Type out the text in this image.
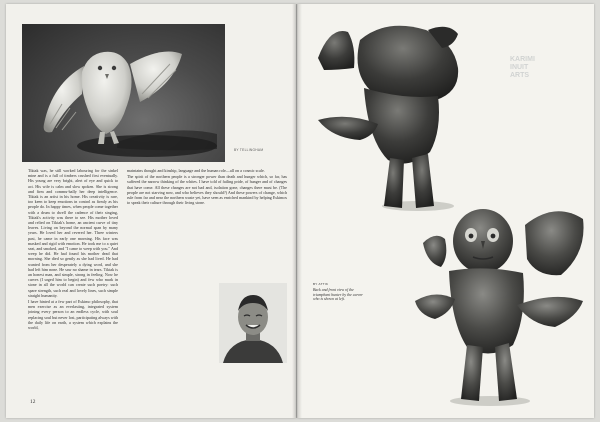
BY TELLINGHAM

Tiktak was, he still worked labouring for the sinkel mine and is a full of timbers crushed first eventually. His young are very bright, alert of eye and quick to act. His wife is calm and slow spoken. She is strong and firm and commu-bally her deep intelligence. Tiktak is an artist in his home. His creativity is rare, too keen to keep emotions in control as firmly as his people do. In happy times, when people come together with a drum to dwell the cadence of their singing, Tiktak's activity was there to see. His mother loved and relied on Tiktak's home, an ancient curve of tiny leaves. Living on beyond the normal span by many years. He loved her and revered her. Three winters past, he came in early one morning. His face was masked and rigid with emotion. He took me to a quiet seat, and smoked, and "I came to weep with you." And weep he did. He had found his mother dead that morning. She died so gently as she had lived. He had wanted from her desperately a dying word, and she had left him none. He saw no shame in tears. Tiktak is an honest man, and simple, strong in feeling. Now he carves (I urged him to begin) and few who mark in stone in all the world can create such poetry: such spare strength, such real and lovely lines, such simple straight humanity.

I have hinted at a few part of Eskimo philosophy, that men exercise as an everlasting, integrated system joining every person to an endless cycle, with soul replacing soul but never lost, participating always with the daily life on earth, a system which explains the world,

maintains thought and kinship, language and the human role—all on a cosmic scale.

The spirit of the northern people is a stronger power than death and hunger which, so far, has suffered the narrow thinking of the whites. I have told of failing pride, of hunger and of changes that have come. All these changes are not bad and, isolation gone, changes there must be. (The people are not starving now, and who believes they should?) And these powers of change, which rule from far and near the northern waste yet, have seen as enriched mankind by helping Eskimos to speak their culture through their living stone.

12
KARIMI
INUIT
ARTS
BY ATTIK
Back and front view of the triumphant hunter by the carver who is shown at left.
